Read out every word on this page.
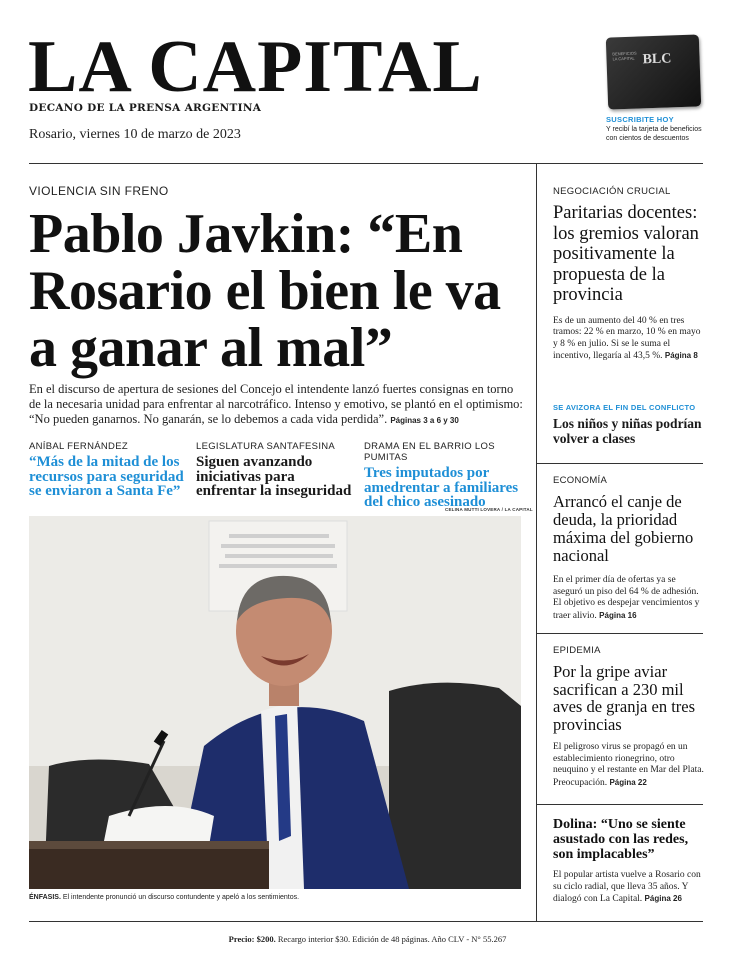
LA CAPITAL
DECANO DE LA PRENSA ARGENTINA
Rosario, viernes 10 de marzo de 2023
BENEFICIOS LA CAPITAL BLC
SUSCRIBITE HOY
Y recibí la tarjeta de beneficios con cientos de descuentos
VIOLENCIA SIN FRENO
Pablo Javkin: “En Rosario el bien le va a ganar al mal”
En el discurso de apertura de sesiones del Concejo el intendente lanzó fuertes consignas en torno de la necesaria unidad para enfrentar al narcotráfico. Intenso y emotivo, se plantó en el optimismo: “No pueden ganarnos. No ganarán, se lo debemos a cada vida perdida”. Páginas 3 a 6 y 30
ANÍBAL FERNÁNDEZ
“Más de la mitad de los recursos para seguridad se enviaron a Santa Fe”
LEGISLATURA SANTAFESINA
Siguen avanzando iniciativas para enfrentar la inseguridad
DRAMA EN EL BARRIO LOS PUMITAS
Tres imputados por amedrentar a familiares del chico asesinado
CELINA MUTTI LOVERA / LA CAPITAL
ÉNFASIS. El intendente pronunció un discurso contundente y apeló a los sentimientos.
NEGOCIACIÓN CRUCIAL
Paritarias docentes: los gremios valoran positivamente la propuesta de la provincia
Es de un aumento del 40 % en tres tramos: 22 % en marzo, 10 % en mayo y 8 % en julio. Si se le suma el incentivo, llegaría al 43,5 %. Página 8
SE AVIZORA EL FIN DEL CONFLICTO
Los niños y niñas podrían volver a clases
ECONOMÍA
Arrancó el canje de deuda, la prioridad máxima del gobierno nacional
En el primer día de ofertas ya se aseguró un piso del 64 % de adhesión. El objetivo es despejar vencimientos y traer alivio. Página 16
EPIDEMIA
Por la gripe aviar sacrifican a 230 mil aves de granja en tres provincias
El peligroso virus se propagó en un establecimiento rionegrino, otro neuquino y el restante en Mar del Plata. Preocupación. Página 22
Dolina: “Uno se siente asustado con las redes, son implacables”
El popular artista vuelve a Rosario con su ciclo radial, que lleva 35 años. Y dialogó con La Capital. Página 26
Precio: $200. Recargo interior $30. Edición de 48 páginas. Año CLV - N° 55.267
